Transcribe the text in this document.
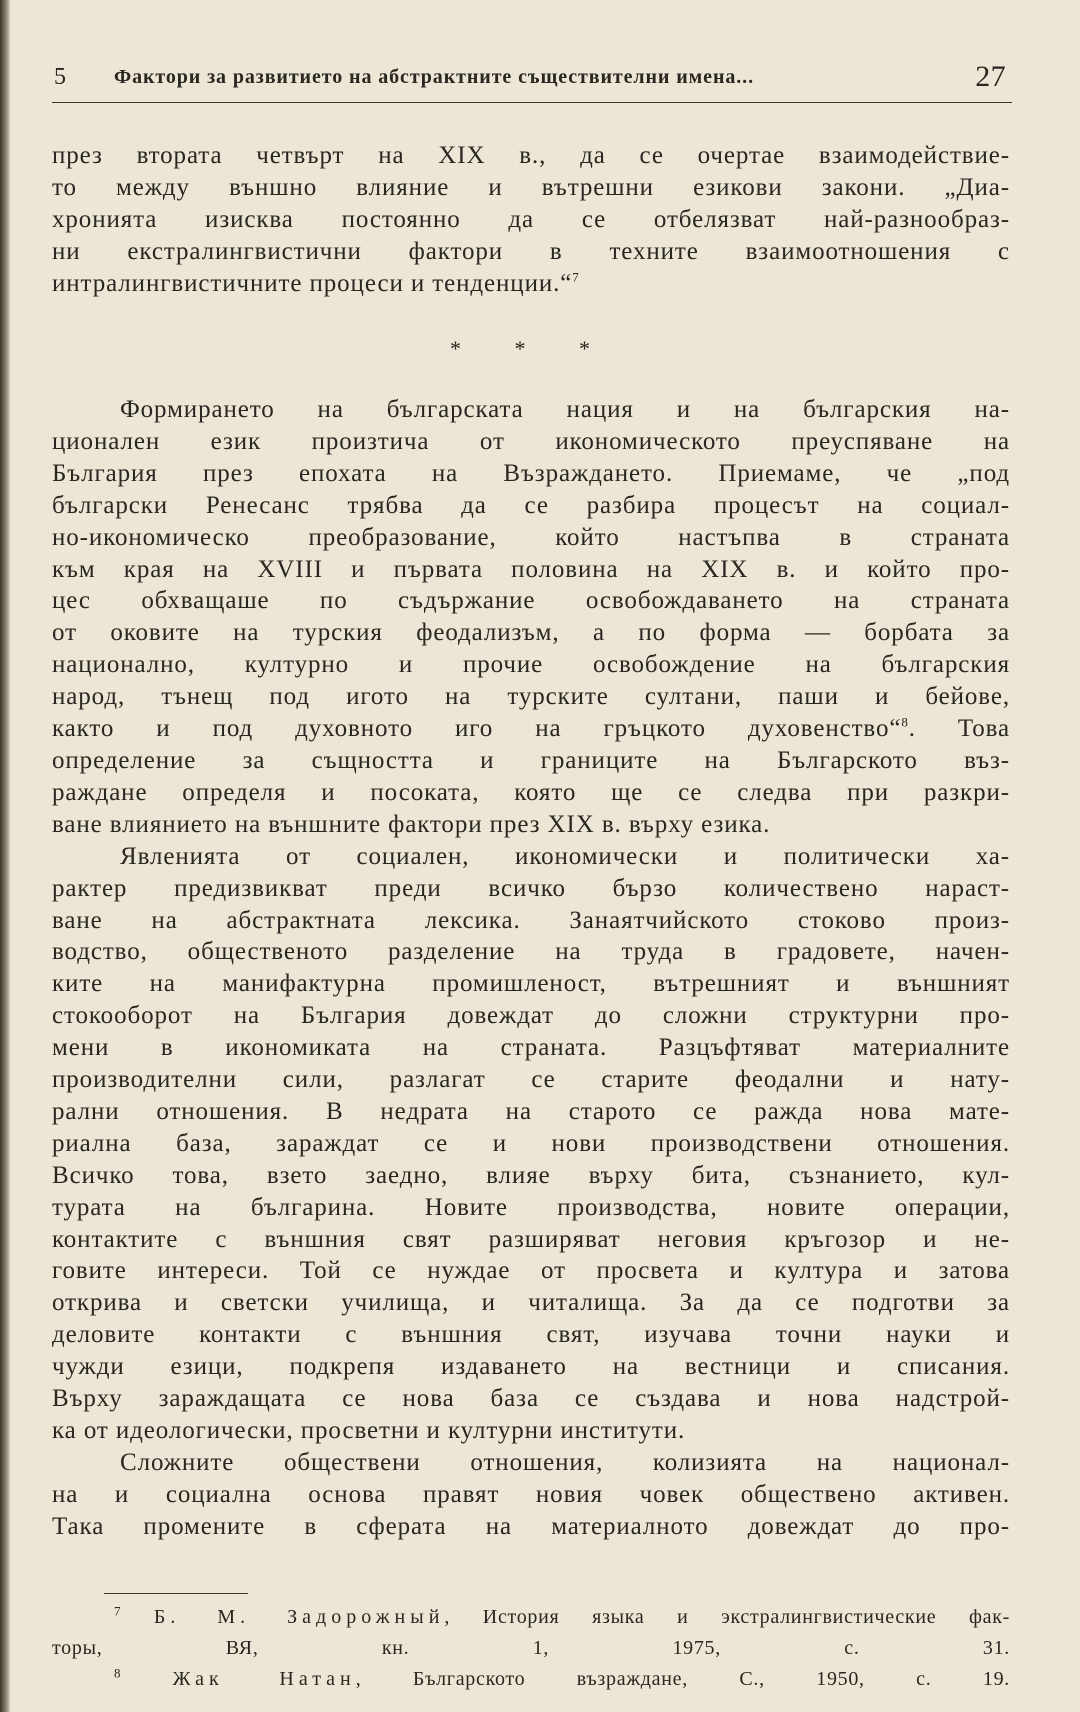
5 Фактори за развитието на абстрактните съществителни имена...	27
през втората четвърт на XIX в., да се очертае взаимодействие-
то между външно влияние и вътрешни езикови закони. „Диа-
хронията изисква постоянно да се отбелязват най-разнообраз-
ни екстралингвистични фактори в техните взаимоотношения с
интралингвистичните процеси и тенденции.“$^7$
* * *
Формирането на българската нация и на българския на-
ционален език произтича от икономическото преуспяване на
България през епохата на Възраждането. Приемаме, че „под
български Ренесанс трябва да се разбира процесът на социал-
но-икономическо преобразование, който настъпва в страната
към края на XVIII и първата половина на XIX в. и който про-
цес обхващаше по съдържание освобождаването на страната
от оковите на турския феодализъм, а по форма — борбата за
национално, културно и прочие освобождение на българския
народ, тънещ под игото на турските султани, паши и бейове,
както и под духовното иго на гръцкото духовенство“$^8$. Това
определение за същността и границите на Българското въз-
раждане определя и посоката, която ще се следва при разкри-
ване влиянието на външните фактори през XIX в. върху езика.
Явленията от социален, икономически и политически ха-
рактер предизвикват преди всичко бързо количествено нараст-
ване на абстрактната лексика. Занаятчийското стоково произ-
водство, общественото разделение на труда в градовете, начен-
ките на манифактурна промишленост, вътрешният и външният
стокооборот на България довеждат до сложни структурни про-
мени в икономиката на страната. Разцъфтяват материалните
производителни сили, разлагат се старите феодални и нату-
рални отношения. В недрата на старото се ражда нова мате-
риална база, зараждат се и нови производствени отношения.
Всичко това, взето заедно, влияе върху бита, съзнанието, кул-
турата на българина. Новите производства, новите операции,
контактите с външния свят разширяват неговия кръгозор и не-
говите интереси. Той се нуждае от просвета и култура и затова
открива и светски училища, и читалища. За да се подготви за
деловите контакти с външния свят, изучава точни науки и
чужди езици, подкрепя издаването на вестници и списания.
Върху зараждащата се нова база се създава и нова надстрой-
ка от идеологически, просветни и културни институти.
Сложните обществени отношения, колизията на национал-
на и социална основа правят новия човек обществено активен.
Така промените в сферата на материалното довеждат до про-
$^7$ Б. М. Задорожный, История языка и экстралингвистические фак-
торы, ВЯ, кн. 1, 1975, с. 31.
$^8$	Жак Натан, Българското възраждане, С., 1950, с. 19.
